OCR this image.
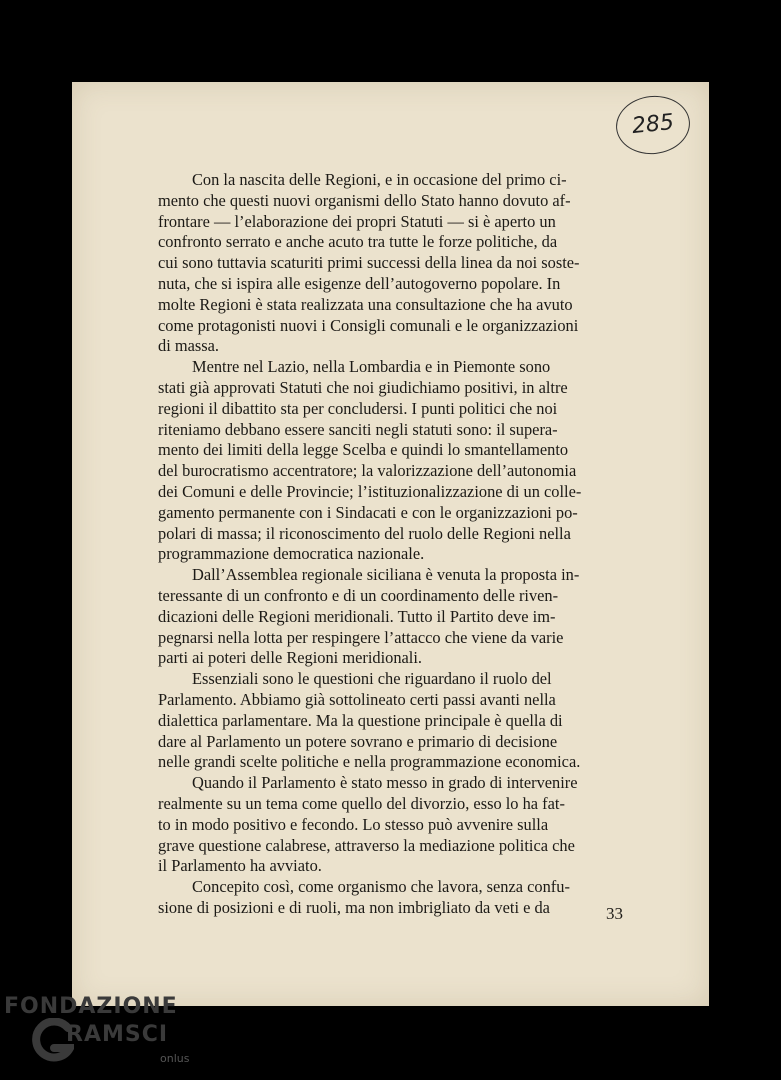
285

Con la nascita delle Regioni, e in occasione del primo ci-
mento che questi nuovi organismi dello Stato hanno dovuto af-
frontare — l’elaborazione dei propri Statuti — si è aperto un
confronto serrato e anche acuto tra tutte le forze politiche, da
cui sono tuttavia scaturiti primi successi della linea da noi soste-
nuta, che si ispira alle esigenze dell’autogoverno popolare. In
molte Regioni è stata realizzata una consultazione che ha avuto
come protagonisti nuovi i Consigli comunali e le organizzazioni
di massa.

Mentre nel Lazio, nella Lombardia e in Piemonte sono
stati già approvati Statuti che noi giudichiamo positivi, in altre
regioni il dibattito sta per concludersi. I punti politici che noi
riteniamo debbano essere sanciti negli statuti sono: il supera-
mento dei limiti della legge Scelba e quindi lo smantellamento
del burocratismo accentratore; la valorizzazione dell’autonomia
dei Comuni e delle Provincie; l’istituzionalizzazione di un colle-
gamento permanente con i Sindacati e con le organizzazioni po-
polari di massa; il riconoscimento del ruolo delle Regioni nella
programmazione democratica nazionale.

Dall’Assemblea regionale siciliana è venuta la proposta in-
teressante di un confronto e di un coordinamento delle riven-
dicazioni delle Regioni meridionali. Tutto il Partito deve im-
pegnarsi nella lotta per respingere l’attacco che viene da varie
parti ai poteri delle Regioni meridionali.

Essenziali sono le questioni che riguardano il ruolo del
Parlamento. Abbiamo già sottolineato certi passi avanti nella
dialettica parlamentare. Ma la questione principale è quella di
dare al Parlamento un potere sovrano e primario di decisione
nelle grandi scelte politiche e nella programmazione economica.

Quando il Parlamento è stato messo in grado di intervenire
realmente su un tema come quello del divorzio, esso lo ha fat-
to in modo positivo e fecondo. Lo stesso può avvenire sulla
grave questione calabrese, attraverso la mediazione politica che
il Parlamento ha avviato.

Concepito così, come organismo che lavora, senza confu-
sione di posizioni e di ruoli, ma non imbrigliato da veti e da	33
FONDAZIONE
RAMSCI
onlus
